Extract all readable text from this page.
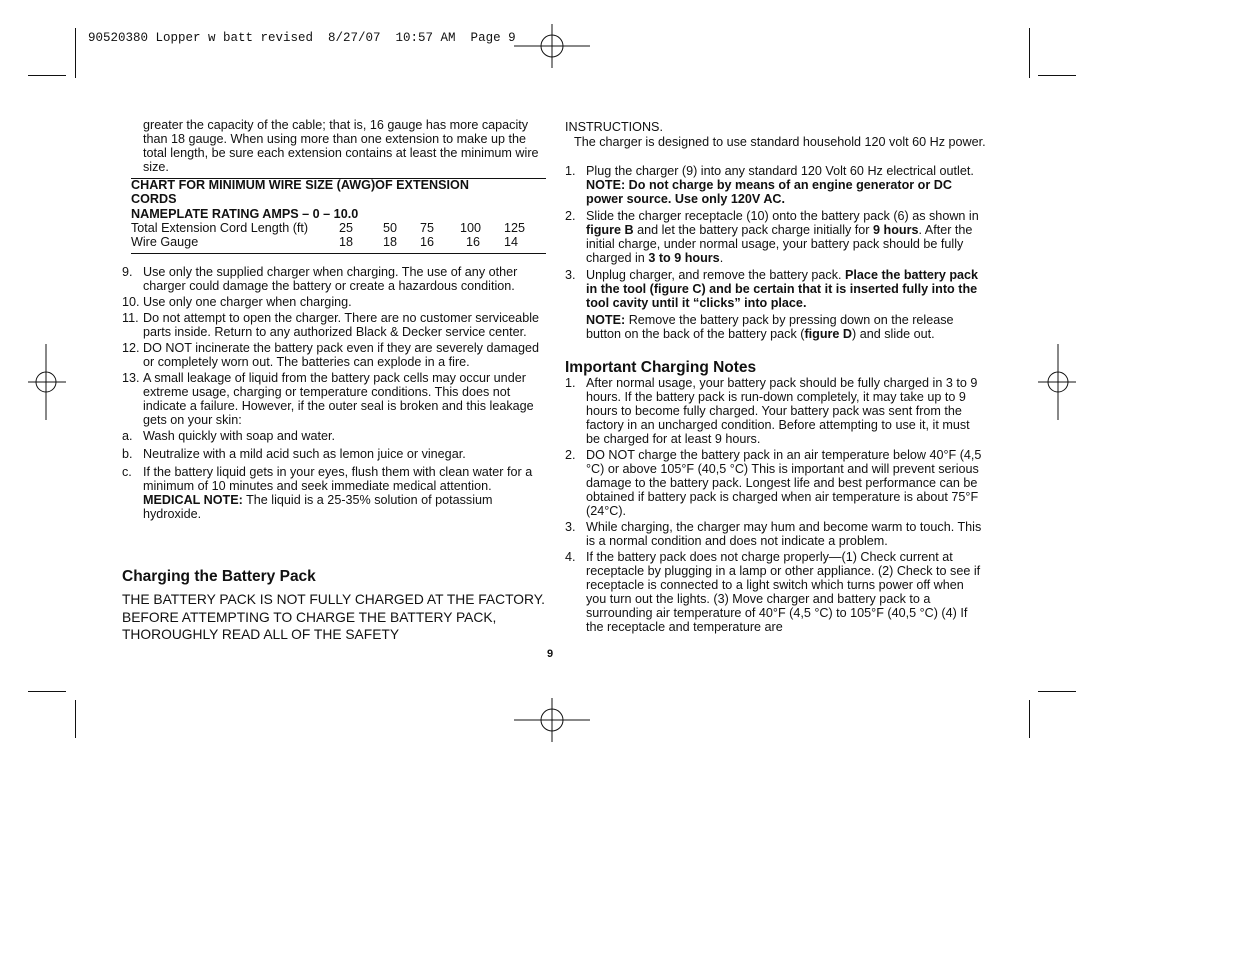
90520380 Lopper w batt revised  8/27/07  10:57 AM  Page 9
greater the capacity of the cable; that is, 16 gauge has more capacity than 18 gauge. When using more than one extension to make up the total length, be sure each extension contains at least the minimum wire size.
CHART FOR MINIMUM WIRE SIZE (AWG)OF EXTENSION CORDS
NAMEPLATE RATING AMPS – 0 – 10.0
Total Extension Cord Length (ft)	25	50	75	100	125
Wire Gauge	18	18	16	16	14
9. Use only the supplied charger when charging. The use of any other charger could damage the battery or create a hazardous condition.
10. Use only one charger when charging.
11. Do not attempt to open the charger. There are no customer serviceable parts inside. Return to any authorized Black & Decker service center.
12. DO NOT incinerate the battery pack even if they are severely damaged or completely worn out. The batteries can explode in a fire.
13. A small leakage of liquid from the battery pack cells may occur under extreme usage, charging or temperature conditions. This does not indicate a failure. However, if the outer seal is broken and this leakage gets on your skin:
a. Wash quickly with soap and water.
b. Neutralize with a mild acid such as lemon juice or vinegar.
c. If the battery liquid gets in your eyes, flush them with clean water for a minimum of 10 minutes and seek immediate medical attention. MEDICAL NOTE: The liquid is a 25-35% solution of potassium hydroxide.
Charging the Battery Pack
THE BATTERY PACK IS NOT FULLY CHARGED AT THE FACTORY. BEFORE ATTEMPTING TO CHARGE THE BATTERY PACK, THOROUGHLY READ ALL OF THE SAFETY
INSTRUCTIONS.
The charger is designed to use standard household 120 volt 60 Hz power.
1. Plug the charger (9) into any standard 120 Volt 60 Hz electrical outlet. NOTE: Do not charge by means of an engine generator or DC power source. Use only 120V AC.
2. Slide the charger receptacle (10) onto the battery pack (6) as shown in figure B and let the battery pack charge initially for 9 hours. After the initial charge, under normal usage, your battery pack should be fully charged in 3 to 9 hours.
3. Unplug charger, and remove the battery pack. Place the battery pack in the tool (figure C) and be certain that it is inserted fully into the tool cavity until it “clicks” into place.
NOTE: Remove the battery pack by pressing down on the release button on the back of the battery pack (figure D) and slide out.
Important Charging Notes
1. After normal usage, your battery pack should be fully charged in 3 to 9 hours. If the battery pack is run-down completely, it may take up to 9 hours to become fully charged. Your battery pack was sent from the factory in an uncharged condition. Before attempting to use it, it must be charged for at least 9 hours.
2. DO NOT charge the battery pack in an air temperature below 40°F (4,5 °C) or above 105°F (40,5 °C) This is important and will prevent serious damage to the battery pack. Longest life and best performance can be obtained if battery pack is charged when air temperature is about 75°F (24°C).
3. While charging, the charger may hum and become warm to touch. This is a normal condition and does not indicate a problem.
4. If the battery pack does not charge properly—(1) Check current at receptacle by plugging in a lamp or other appliance. (2) Check to see if receptacle is connected to a light switch which turns power off when you turn out the lights. (3) Move charger and battery pack to a surrounding air temperature of 40°F (4,5 °C) to 105°F (40,5 °C) (4) If the receptacle and temperature are
9
